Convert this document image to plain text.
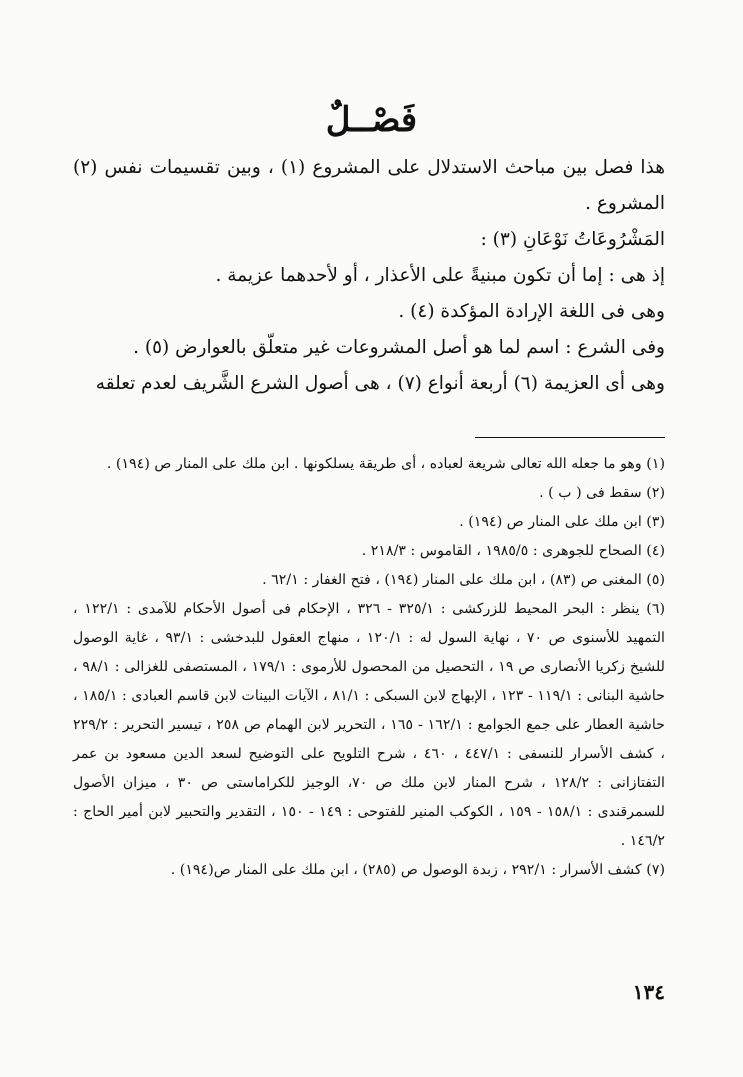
فَصْــلٌ

هذا فصل بين مباحث الاستدلال على المشروع (١) ، وبين تقسيمات نفس (٢) المشروع .

المَشْرُوعَاتُ نَوْعَانِ (٣) :

إذ هى : إما أن تكون مبنيةً على الأعذار ، أو لأحدهما عزيمة .

وهى فى اللغة الإرادة المؤكدة (٤) .

وفى الشرع : اسم لما هو أصل المشروعات غير متعلّق بالعوارض (٥) .

وهى أى العزيمة (٦) أربعة أنواع (٧) ، هى أصول الشرع الشَّريف لعدم تعلقه

(١) وهو ما جعله الله تعالى شريعة لعباده ، أى طريقة يسلكونها . ابن ملك على المنار ص (١٩٤) .

(٢) سقط فى ( ب ) .

(٣) ابن ملك على المنار ص (١٩٤) .

(٤) الصحاح للجوهرى : ١٩٨٥/٥ ، القاموس : ٢١٨/٣ .

(٥) المغنى ص (٨٣) ، ابن ملك على المنار (١٩٤) ، فتح الغفار : ٦٢/١ .

(٦) ينظر : البحر المحيط للزركشى : ٣٢٥/١ - ٣٢٦ ، الإحكام فى أصول الأحكام للآمدى : ١٢٢/١ ، التمهيد للأسنوى ص ٧٠ ، نهاية السول له : ١٢٠/١ ، منهاج العقول للبدخشى : ٩٣/١ ، غاية الوصول للشيخ زكريا الأنصارى ص ١٩ ، التحصيل من المحصول للأرموى : ١٧٩/١ ، المستصفى للغزالى : ٩٨/١ ، حاشية البنانى : ١١٩/١ - ١٢٣ ، الإبهاج لابن السبكى : ٨١/١ ، الآيات البينات لابن قاسم العبادى : ١٨٥/١ ، حاشية العطار على جمع الجوامع : ١٦٢/١ - ١٦٥ ، التحرير لابن الهمام ص ٢٥٨ ، تيسير التحرير : ٢٢٩/٢ ، كشف الأسرار للنسفى : ٤٤٧/١ ، ٤٦٠ ، شرح التلويح على التوضيح لسعد الدين مسعود بن عمر التفتازانى : ١٢٨/٢ ، شرح المنار لابن ملك ص ٧٠، الوجيز للكراماستى ص ٣٠ ، ميزان الأصول للسمرقندى : ١٥٨/١ - ١٥٩ ، الكوكب المنير للفتوحى : ١٤٩ - ١٥٠ ، التقدير والتحبير لابن أمير الحاج : ١٤٦/٢ .

(٧) كشف الأسرار : ٢٩٢/١ ، زبدة الوصول ص (٢٨٥) ، ابن ملك على المنار ص(١٩٤) .

١٣٤
